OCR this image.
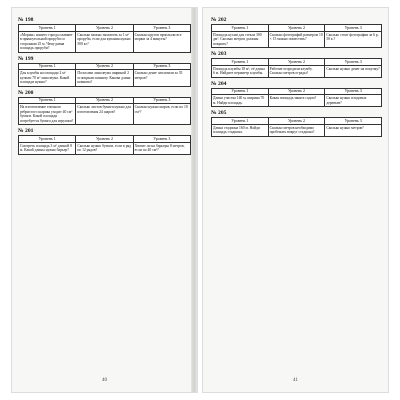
№ 198
Уровень 1	Уровень 2	Уровень 3
«Моржи» нашего города плавают в прямоугольной проруби со сторонами 25 м. Чему равна площадь проруби?	Сколько можно заплатить за 1 м² проруби, если для купания нужно 500 кг?	Сколько кругов проплыли все моржи за 4 минуты?
№ 199
Уровень 1	Уровень 2	Уровень 3
Для клумбы на площади 2 м² купили 70 м² линолеума. Какой площади нужно?	Полосами линолеума шириной 2 м покрыли комнату. Какова длина комнаты?	Сколько денег заплатили за 35 метров?
№ 200
Уровень 1	Уровень 2	Уровень 3
На изготовление елочного ребристого шарика уходит 40 см² бумаги. Какой площади потребуется бумага для игрушки?	Сколько листов бумаги нужно для изготовления 24 шаров?	Сколько нужно шаров, если по 10 см²?
№ 201
Уровень 1	Уровень 2	Уровень 3
Смотреть площадь 3 м² длиной 8 м. Какой длины нужно барьер?	Сколько нужно бумаги, если в ряд по 12 рядов?	Хватит ли на барьеры 8 метров, если по 40 см²?
40
№ 202
Уровень 1	Уровень 2	Уровень 3
Площадь кухни для стекла 300 дм². Сколько метров должны покрыть?	Сколько фотографий размером 10 × 15 можно поместить?	Сколько стоят фотографии за 6 р. 50 к.?
№ 203
Уровень 1	Уровень 2	Уровень 3
Площадь клумбы 18 м², её длина 6 м. Найдите периметр клумбы.	Рабочие огородили клумбу. Сколько метров ограды?	Сколько нужно денег на покупку?
№ 204
Уровень 1	Уровень 2	Уровень 3
Длина участка 140 м, ширина 70 м. Найди площадь.	Какая площадь занята садом?	Сколько нужно плодовых деревьев?
№ 205
Уровень 1	Уровень 2	Уровень 3
Длина стадиона 160 м. Найди площадь стадиона.	Сколько метров необходимо пробежать вокруг стадиона?	Сколько нужно метров?
41
